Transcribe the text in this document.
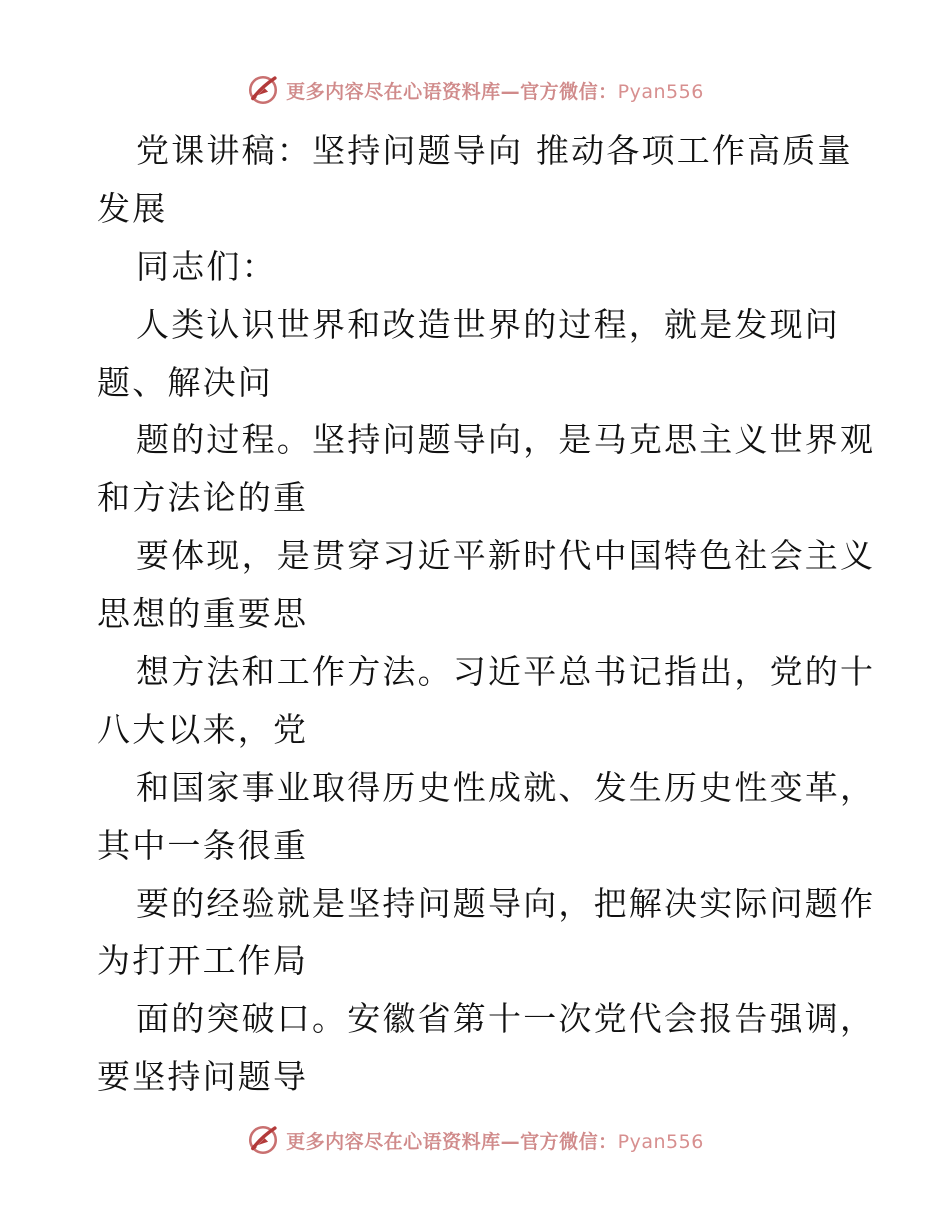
更多内容尽在心语资料库—官方微信：Pyan556
党课讲稿：坚持问题导向 推动各项工作高质量
发展
同志们：
人类认识世界和改造世界的过程，就是发现问
题、解决问
题的过程。坚持问题导向，是马克思主义世界观
和方法论的重
要体现，是贯穿习近平新时代中国特色社会主义
思想的重要思
想方法和工作方法。习近平总书记指出，党的十
八大以来，党
和国家事业取得历史性成就、发生历史性变革，
其中一条很重
要的经验就是坚持问题导向，把解决实际问题作
为打开工作局
面的突破口。安徽省第十一次党代会报告强调，
要坚持问题导
更多内容尽在心语资料库—官方微信：Pyan556
